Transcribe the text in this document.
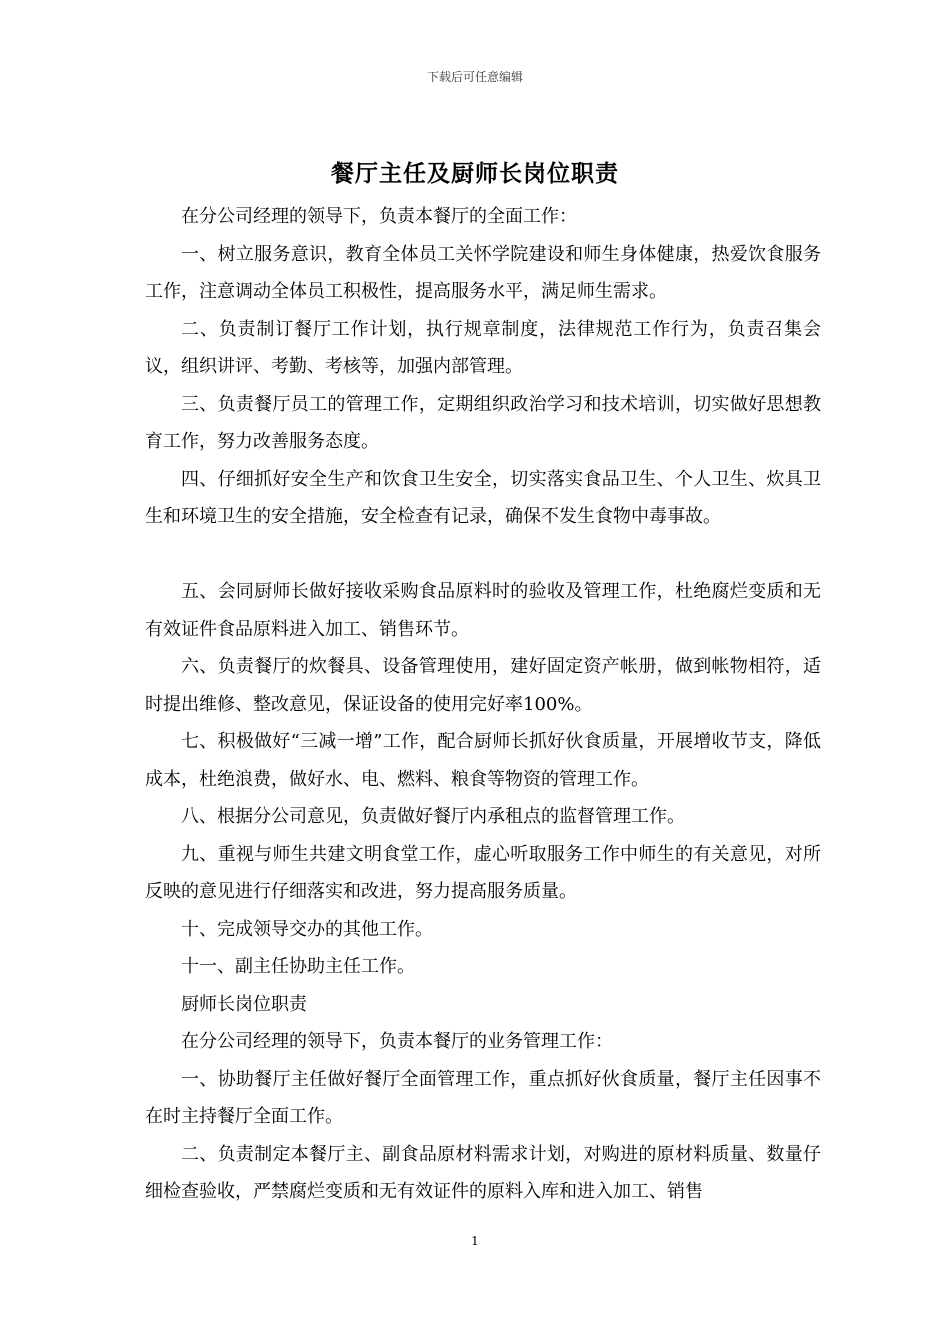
下载后可任意编辑
餐厅主任及厨师长岗位职责

在分公司经理的领导下，负责本餐厅的全面工作：

一、树立服务意识，教育全体员工关怀学院建设和师生身体健康，热爱饮食服务工作，注意调动全体员工积极性，提高服务水平，满足师生需求。

二、负责制订餐厅工作计划，执行规章制度，法律规范工作行为，负责召集会议，组织讲评、考勤、考核等，加强内部管理。

三、负责餐厅员工的管理工作，定期组织政治学习和技术培训，切实做好思想教育工作，努力改善服务态度。

四、仔细抓好安全生产和饮食卫生安全，切实落实食品卫生、个人卫生、炊具卫生和环境卫生的安全措施，安全检查有记录，确保不发生食物中毒事故。

五、会同厨师长做好接收采购食品原料时的验收及管理工作，杜绝腐烂变质和无有效证件食品原料进入加工、销售环节。

六、负责餐厅的炊餐具、设备管理使用，建好固定资产帐册，做到帐物相符，适时提出维修、整改意见，保证设备的使用完好率100%。

七、积极做好“三减一增”工作，配合厨师长抓好伙食质量，开展增收节支，降低成本，杜绝浪费，做好水、电、燃料、粮食等物资的管理工作。

八、根据分公司意见，负责做好餐厅内承租点的监督管理工作。

九、重视与师生共建文明食堂工作，虚心听取服务工作中师生的有关意见，对所反映的意见进行仔细落实和改进，努力提高服务质量。

十、完成领导交办的其他工作。

十一、副主任协助主任工作。

厨师长岗位职责

在分公司经理的领导下，负责本餐厅的业务管理工作：

一、协助餐厅主任做好餐厅全面管理工作，重点抓好伙食质量，餐厅主任因事不在时主持餐厅全面工作。

二、负责制定本餐厅主、副食品原材料需求计划，对购进的原材料质量、数量仔细检查验收，严禁腐烂变质和无有效证件的原料入库和进入加工、销售

1
